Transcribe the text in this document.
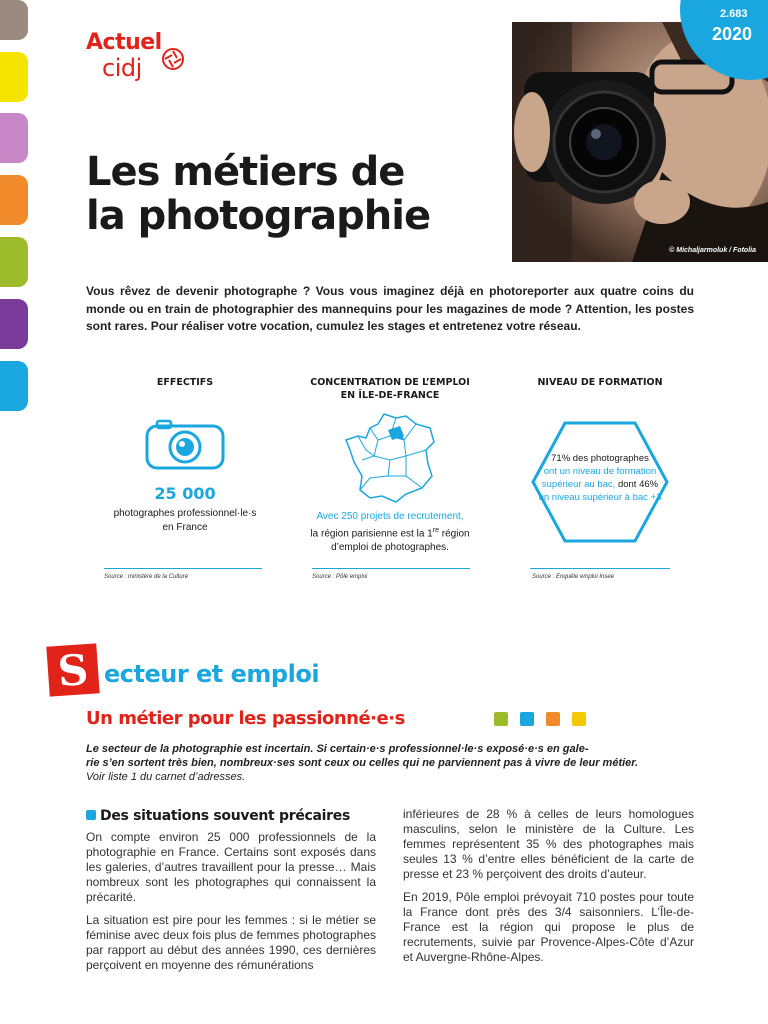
Actuel
cidj
Les métiers de
la photographie
© Michaljarmoluk / Fotolia
2.683
2020

Vous rêvez de devenir photographe ? Vous vous imaginez déjà en photoreporter aux quatre coins du monde ou en train de photographier des mannequins pour les magazines de mode ? Attention, les postes sont rares. Pour réaliser votre vocation, cumulez les stages et entretenez votre réseau.

EFFECTIFS
25 000
photographes professionnel·le·s
en France
Source : ministère de la Culture
CONCENTRATION DE L’EMPLOI
EN ÎLE-DE-FRANCE
Avec 250 projets de recrutement,
la région parisienne est la 1re région
d’emploi de photographes.
Source : Pôle emploi
NIVEAU DE FORMATION
71% des photographes
ont un niveau de formation
supérieur au bac, dont 46%
un niveau supérieur à bac +3
Source : Enquête emploi Insee
S ecteur et emploi
Un métier pour les passionné·e·s
Le secteur de la photographie est incertain. Si certain·e·s professionnel·le·s exposé·e·s en gale-
rie s’en sortent très bien, nombreux·ses sont ceux ou celles qui ne parviennent pas à vivre de leur métier.
Voir liste 1 du carnet d’adresses.
Des situations souvent précaires

On compte environ 25 000 professionnels de la photographie en France. Certains sont exposés dans les galeries, d’autres travaillent pour la presse… Mais nombreux sont les photographes qui connaissent la précarité.

La situation est pire pour les femmes : si le métier se féminise avec deux fois plus de femmes photographes par rapport au début des années 1990, ces dernières perçoivent en moyenne des rémunérations

inférieures de 28 % à celles de leurs homologues masculins, selon le ministère de la Culture. Les femmes représentent 35 % des photographes mais seules 13 % d’entre elles bénéficient de la carte de presse et 23 % perçoivent des droits d’auteur.

En 2019, Pôle emploi prévoyait 710 postes pour toute la France dont près des 3/4 saisonniers. L’Île-de-France est la région qui propose le plus de recrutements, suivie par Provence-Alpes-Côte d’Azur et Auvergne-Rhône-Alpes.
